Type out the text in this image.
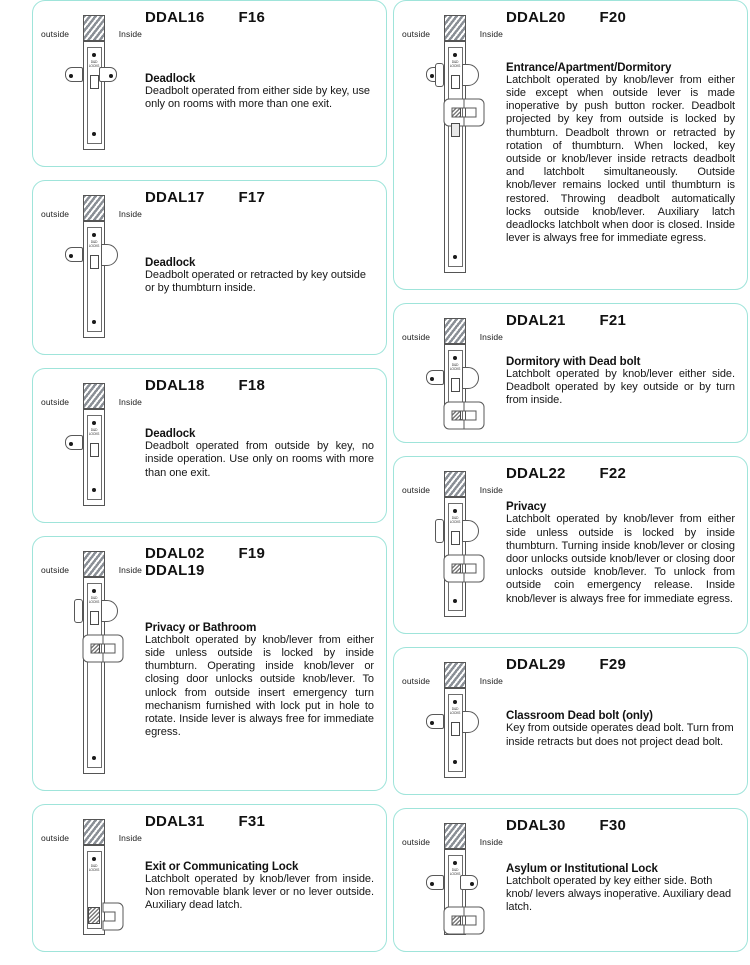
outside	Inside
D&D
LOCKS
DDAL16 F16
Deadlock
Deadbolt operated from either side by key, use only on rooms with more than one exit.
outside	Inside
D&D
LOCKS
DDAL17 F17
Deadlock
Deadbolt operated or retracted by key outside or by thumbturn inside.
outside	Inside
D&D
LOCKS
DDAL18 F18
Deadlock
Deadbolt operated from outside by key, no inside operation. Use only on rooms with more than one exit.
outside	Inside
D&D
LOCKS
DDAL02 F19
DDAL19
Privacy or Bathroom
Latchbolt operated by knob/lever from either side unless outside is locked by inside thumbturn. Operating inside knob/lever or closing door unlocks outside knob/lever. To unlock from outside insert emergency turn mechanism furnished with lock put in hole to rotate. Inside lever is always free for immediate egress.
outside	Inside
D&D
LOCKS
DDAL31 F31
Exit or Communicating Lock
Latchbolt operated by knob/lever from inside. Non removable blank lever or no lever outside. Auxiliary dead latch.
outside	Inside
D&D
LOCKS
DDAL20 F20
Entrance/Apartment/Dormitory
Latchbolt operated by knob/lever from either side except when outside lever is made inoperative by push button rocker. Deadbolt projected by key from outside is locked by thumbturn. Deadbolt thrown or retracted by rotation of thumbturn. When locked, key outside or knob/lever inside retracts deadbolt and latchbolt simultaneously. Outside knob/lever remains locked until thumbturn is restored. Throwing deadbolt automatically locks outside knob/lever. Auxiliary latch deadlocks latchbolt when door is closed. Inside lever is always free for immediate egress.
outside	Inside
D&D
LOCKS
DDAL21 F21
Dormitory with Dead bolt
Latchbolt operated by knob/lever either side. Deadbolt operated by key outside or by turn from inside.
outside	Inside
D&D
LOCKS
DDAL22 F22
Privacy
Latchbolt operated by knob/lever from either side unless outside is locked by inside thumbturn. Turning inside knob/lever or closing door unlocks outside knob/lever or closing door unlocks outside knob/lever. To unlock from outside coin emergency release. Inside knob/lever is always free for immediate egress.
outside	Inside
D&D
LOCKS
DDAL29 F29
Classroom Dead bolt (only)
Key from outside operates dead bolt. Turn from inside retracts but does not project dead bolt.
outside	Inside
D&D
LOCKS
DDAL30 F30
Asylum or Institutional Lock
Latchbolt operated by key either side. Both knob/ levers always inoperative. Auxiliary dead latch.
